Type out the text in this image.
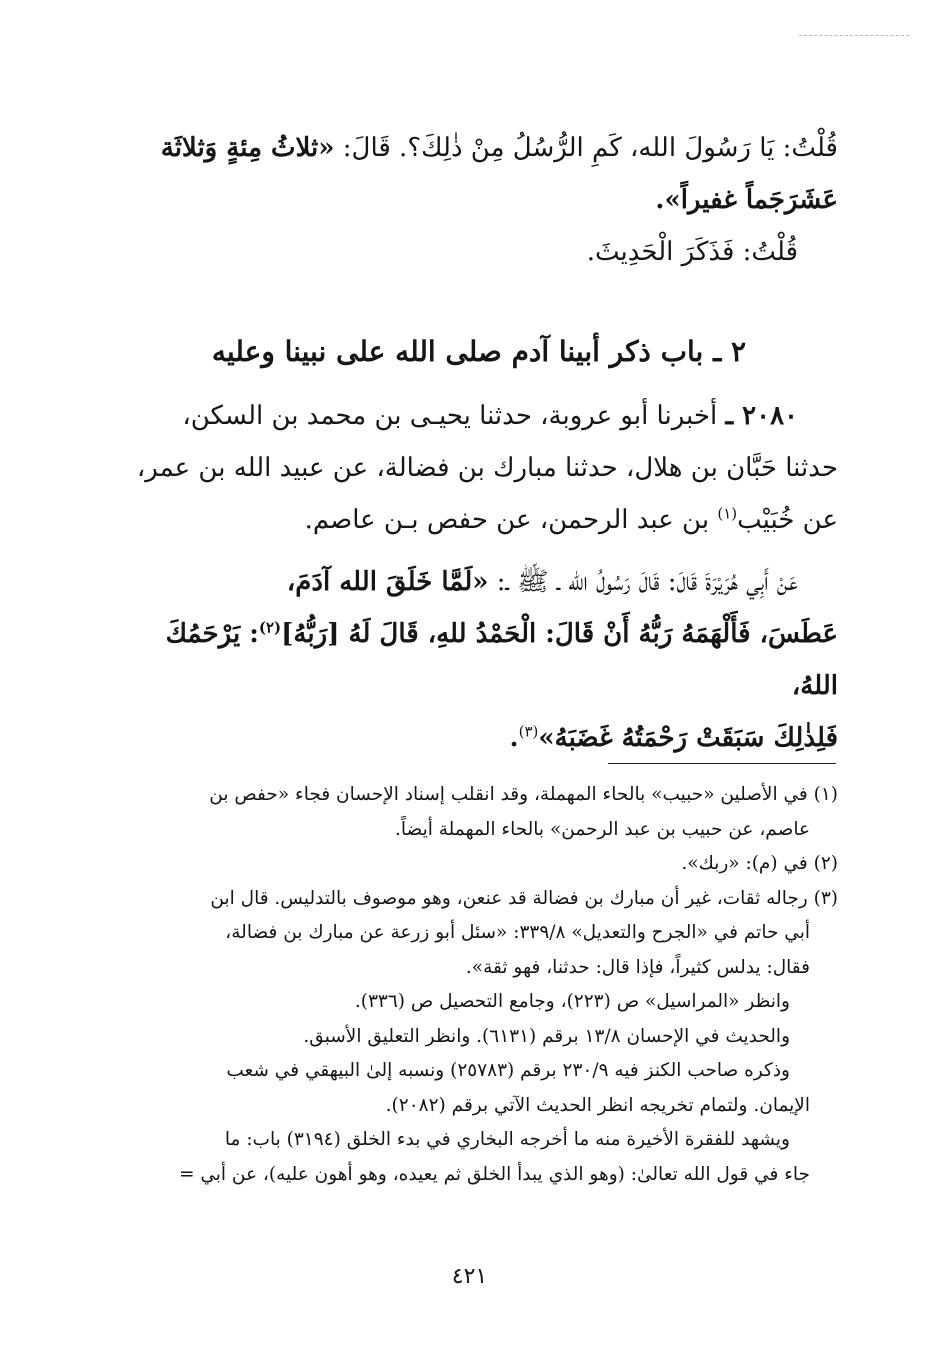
قُلْتُ: يَا رَسُولَ الله، كَمِ الرُّسُلُ مِنْ ذٰلِكَ؟. قَالَ: «ثلاثُ مِئةٍ وَثلاثَة

عَشَرَجَماً غفيراً».

قُلْتُ: فَذَكَرَ الْحَدِيثَ.

٢ ـ باب ذكر أبينا آدم صلى الله على نبينا وعليه

٢٠٨٠ ـ أخبرنا أبو عروبة، حدثنا يحيـى بن محمد بن السكن،

حدثنا حَبَّان بن هلال، حدثنا مبارك بن فضالة، عن عبيد الله بن عمر،

عن خُبَيْب$^{(١)}$ بن عبد الرحمن، عن حفص بـن عاصم.

عَنْ أَبِي هُرَيْرَةَ قَالَ: قَالَ رَسُولُ الله ـ ﷺ ـ: «لَمَّا خَلَقَ الله آدَمَ،

عَطَسَ، فَأَلْهَمَهُ رَبُّهُ أَنْ قَالَ: الْحَمْدُ للهِ، قَالَ لَهُ [رَبُّهُ]$^{(٢)}$: يَرْحَمُكَ اللهُ،

فَلِذٰلِكَ سَبَقَتْ رَحْمَتُهُ غَضَبَهُ»$^{(٣)}$.

(١) في الأصلين «حبيب» بالحاء المهملة، وقد انقلب إسناد الإحسان فجاء «حفص بن

عاصم، عن حبيب بن عبد الرحمن» بالحاء المهملة أيضاً.

(٢) في (م): «ربك».

(٣) رجاله ثقات، غير أن مبارك بن فضالة قد عنعن، وهو موصوف بالتدليس. قال ابن

أبي حاتم في «الجرح والتعديل» ٣٣٩/٨: «سئل أبو زرعة عن مبارك بن فضالة،

فقال: يدلس كثيراً، فإذا قال: حدثنا، فهو ثقة».

وانظر «المراسيل» ص (٢٢٣)، وجامع التحصيل ص (٣٣٦).

والحديث في الإحسان ١٣/٨ برقم (٦١٣١). وانظر التعليق الأسبق.

وذكره صاحب الكنز فيه ٢٣٠/٩ برقم (٢٥٧٨٣) ونسبه إلىٰ البيهقي في شعب

الإيمان. ولتمام تخريجه انظر الحديث الآتي برقم (٢٠٨٢).

ويشهد للفقرة الأخيرة منه ما أخرجه البخاري في بدء الخلق (٣١٩٤) باب: ما

جاء في قول الله تعالىٰ: (وهو الذي يبدأ الخلق ثم يعيده، وهو أهون عليه)، عن أبي =

٤٢١
